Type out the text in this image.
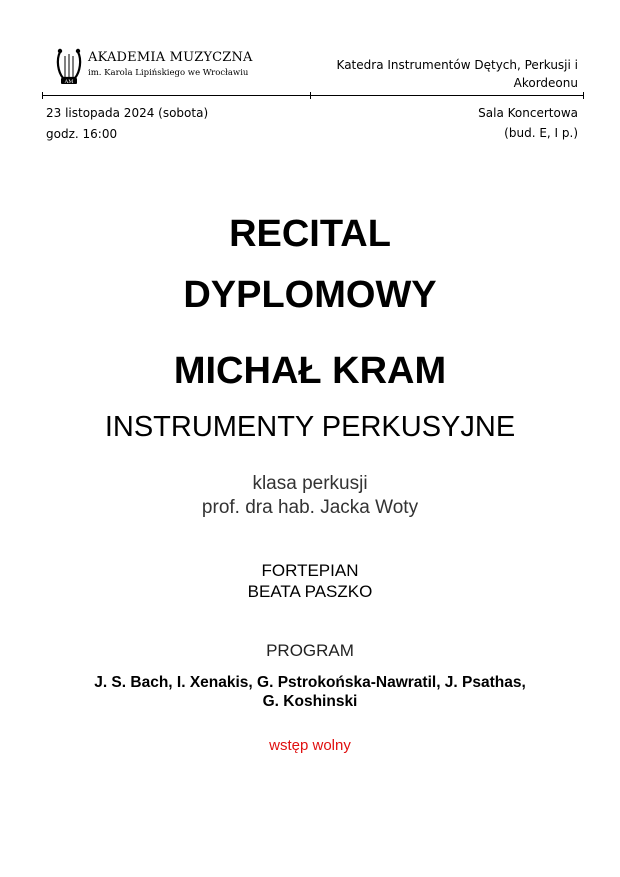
AM
AKADEMIA MUZYCZNA
im. Karola Lipińskiego we Wrocławiu
Katedra Instrumentów Dętych, Perkusji i
Akordeonu
23 listopada 2024 (sobota)
godz. 16:00
Sala Koncertowa
(bud. E, I p.)
RECITAL
DYPLOMOWY
MICHAŁ KRAM
INSTRUMENTY PERKUSYJNE
klasa perkusji
prof. dra hab. Jacka Woty
FORTEPIAN
BEATA PASZKO
PROGRAM
J. S. Bach, I. Xenakis, G. Pstrokońska-Nawratil, J. Psathas,
G. Koshinski
wstęp wolny
